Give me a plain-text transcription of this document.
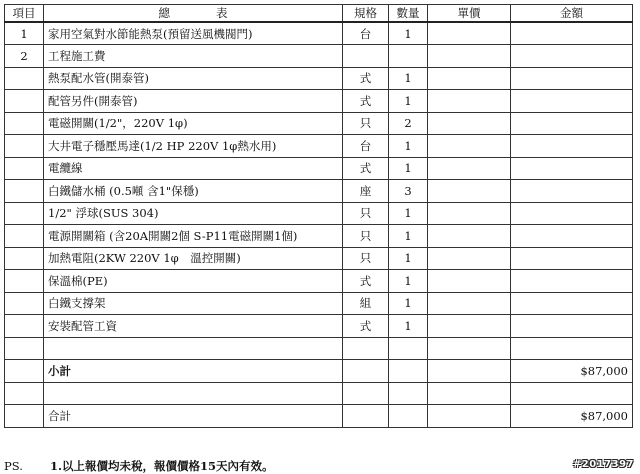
項目	總　　　　表	規格	數量	單價	金額
1	家用空氣對水節能熱泵(預留送風機閥門)	台	1		
2	工程施工費				
	熱泵配水管(開泰管)	式	1		
	配管另件(開泰管)	式	1		
	電磁開關(1/2"，220V 1φ)	只	2		
	大井電子穩壓馬達(1/2 HP 220V 1φ熱水用)	台	1		
	電纜線	式	1		
	白鐵儲水桶 (0.5噸 含1"保穩)	座	3		
	1/2" 浮球(SUS 304)	只	1		
	電源開關箱 (含20A開關2個 S-P11電磁開關1個)	只	1		
	加熱電阻(2KW 220V 1φ　溫控開關)	只	1		
	保溫棉(PE)	式	1		
	白鐵支撐架	組	1		
	安裝配管工資	式	1		

	小計				$87,000

	合計				$87,000
PS. 1.以上報價均未稅，報價價格15天內有效。	#2017397
